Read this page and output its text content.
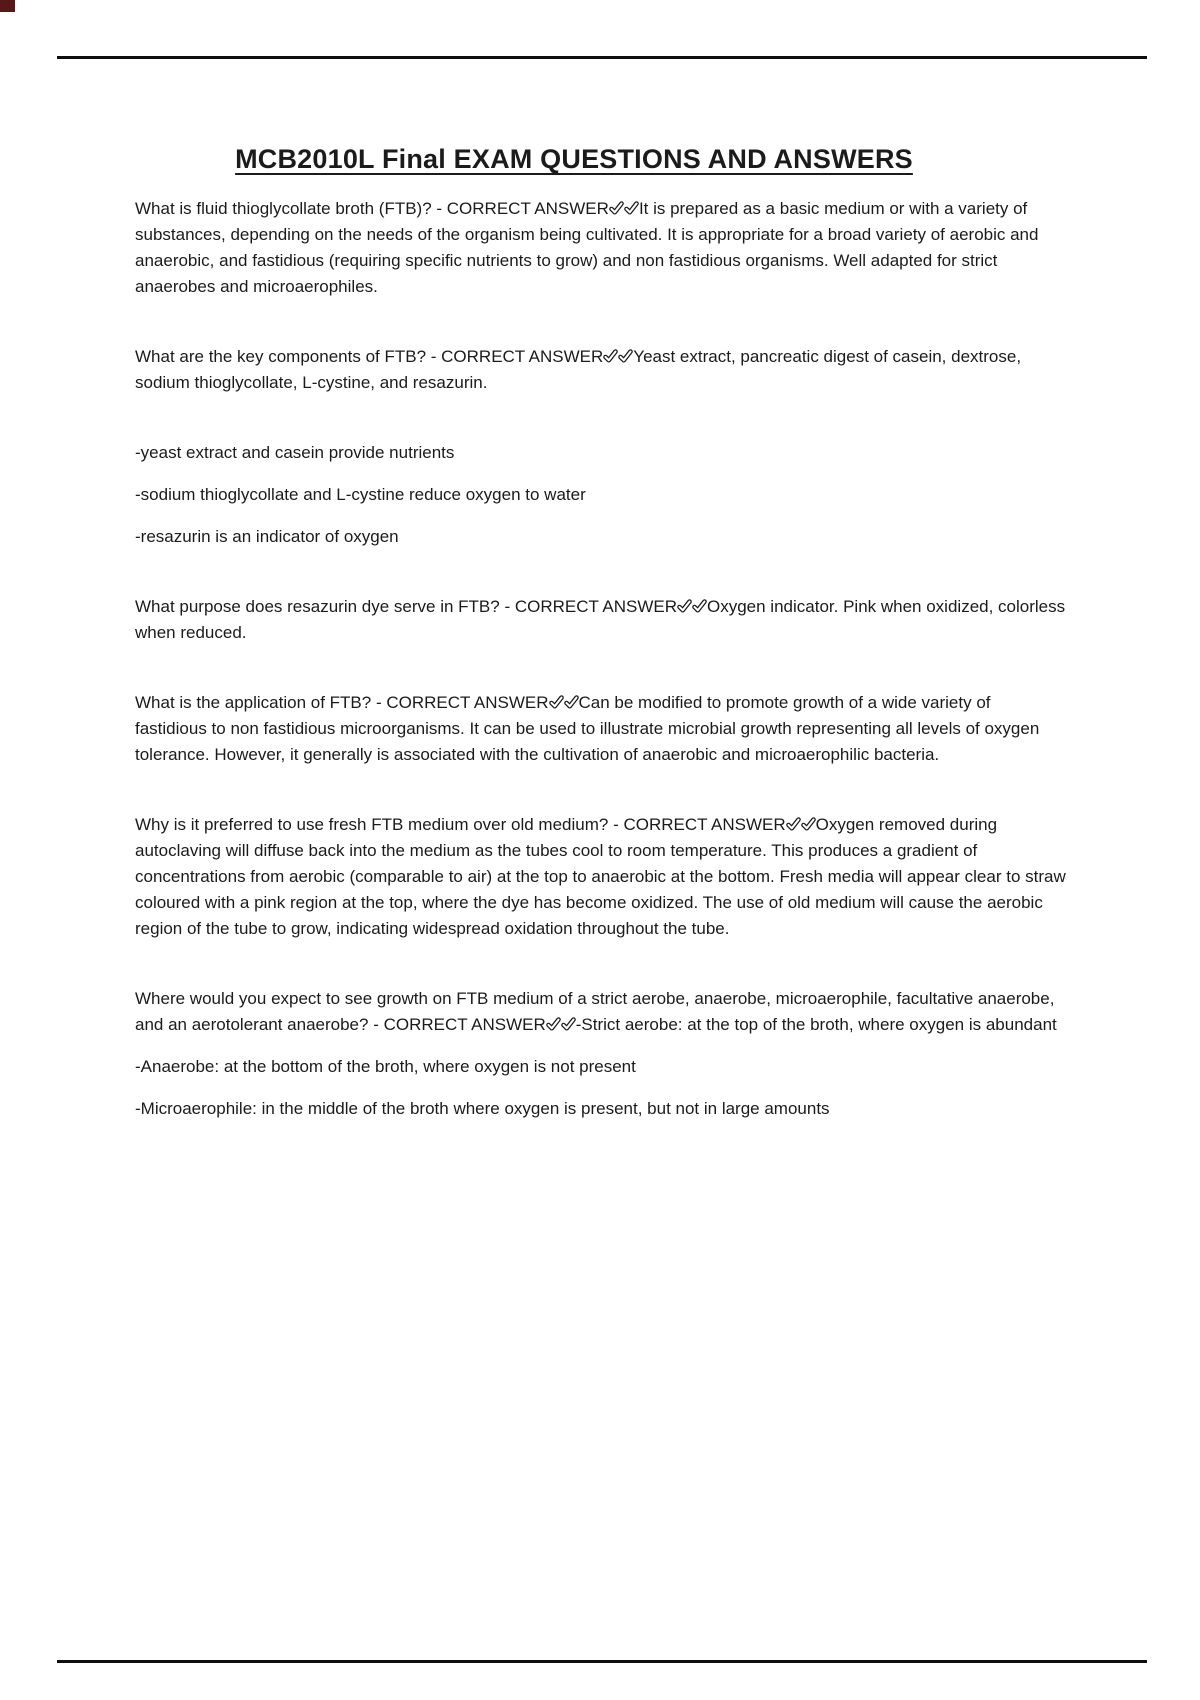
MCB2010L Final EXAM QUESTIONS AND ANSWERS

What is fluid thioglycollate broth (FTB)? - CORRECT ANSWER It is prepared as a basic medium or with a variety of substances, depending on the needs of the organism being cultivated. It is appropriate for a broad variety of aerobic and anaerobic, and fastidious (requiring specific nutrients to grow) and non fastidious organisms. Well adapted for strict anaerobes and microaerophiles.

What are the key components of FTB? - CORRECT ANSWER Yeast extract, pancreatic digest of casein, dextrose, sodium thioglycollate, L-cystine, and resazurin.

-yeast extract and casein provide nutrients

-sodium thioglycollate and L-cystine reduce oxygen to water

-resazurin is an indicator of oxygen

What purpose does resazurin dye serve in FTB? - CORRECT ANSWER Oxygen indicator. Pink when oxidized, colorless when reduced.

What is the application of FTB? - CORRECT ANSWER Can be modified to promote growth of a wide variety of fastidious to non fastidious microorganisms. It can be used to illustrate microbial growth representing all levels of oxygen tolerance. However, it generally is associated with the cultivation of anaerobic and microaerophilic bacteria.

Why is it preferred to use fresh FTB medium over old medium? - CORRECT ANSWER Oxygen removed during autoclaving will diffuse back into the medium as the tubes cool to room temperature. This produces a gradient of concentrations from aerobic (comparable to air) at the top to anaerobic at the bottom. Fresh media will appear clear to straw coloured with a pink region at the top, where the dye has become oxidized. The use of old medium will cause the aerobic region of the tube to grow, indicating widespread oxidation throughout the tube.

Where would you expect to see growth on FTB medium of a strict aerobe, anaerobe, microaerophile, facultative anaerobe, and an aerotolerant anaerobe? - CORRECT ANSWER -Strict aerobe: at the top of the broth, where oxygen is abundant

-Anaerobe: at the bottom of the broth, where oxygen is not present

-Microaerophile: in the middle of the broth where oxygen is present, but not in large amounts
